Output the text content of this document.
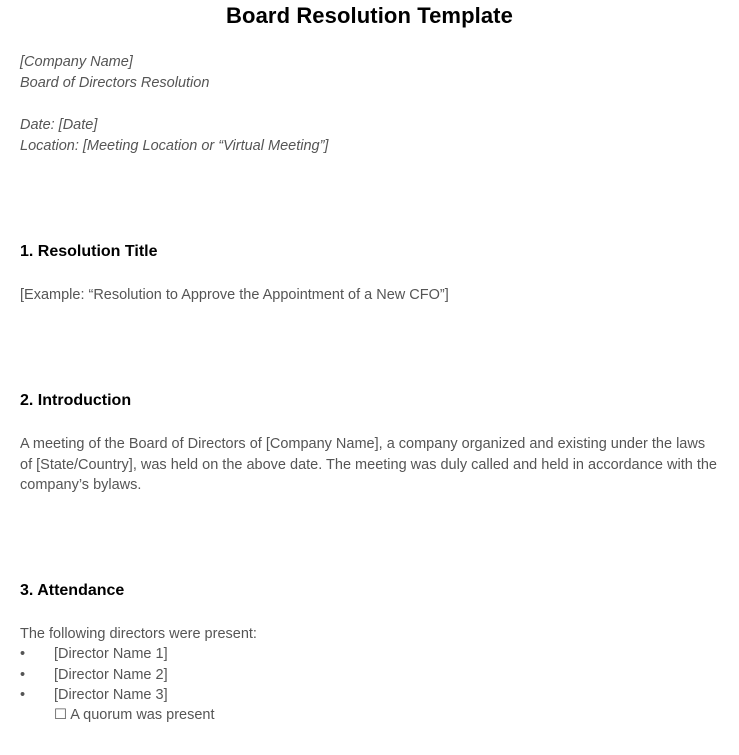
Board Resolution Template
[Company Name]
Board of Directors Resolution
Date: [Date]
Location: [Meeting Location or “Virtual Meeting”]
1. Resolution Title
[Example: “Resolution to Approve the Appointment of a New CFO”]
2. Introduction
A meeting of the Board of Directors of [Company Name], a company organized and existing under the laws of [State/Country], was held on the above date. The meeting was duly called and held in accordance with the company’s bylaws.
3. Attendance
The following directors were present:
• [Director Name 1]
• [Director Name 2]
• [Director Name 3]
☐ A quorum was present
